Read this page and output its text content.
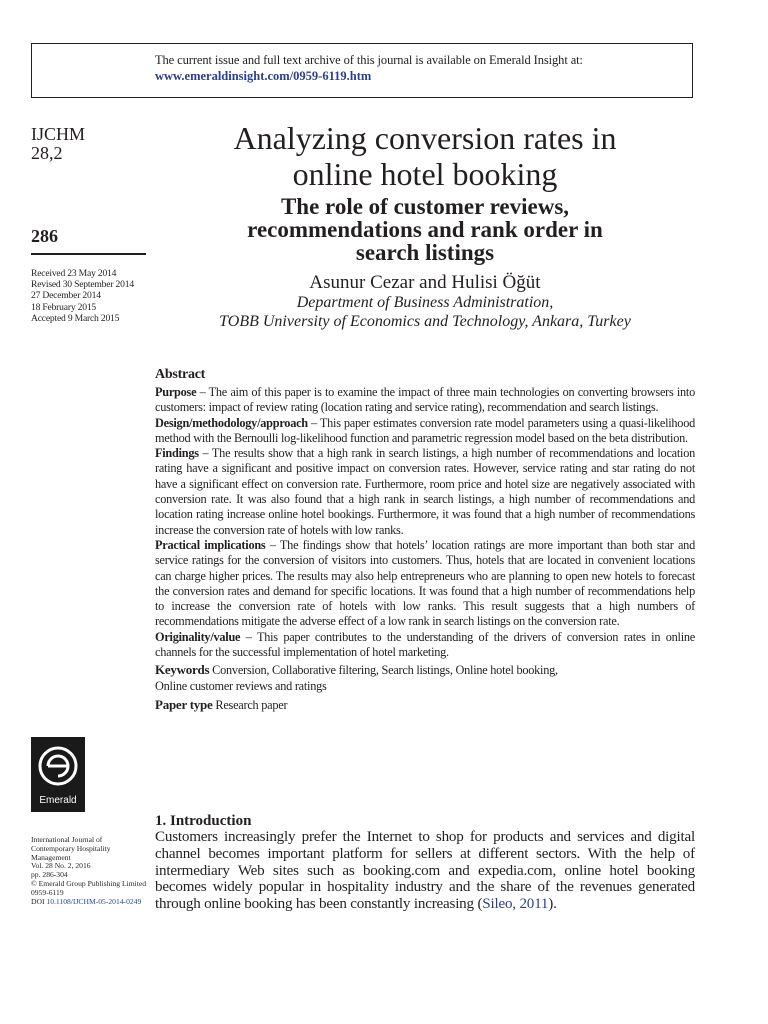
The current issue and full text archive of this journal is available on Emerald Insight at:
www.emeraldinsight.com/0959-6119.htm
IJCHM
28,2
286
Received 23 May 2014
Revised 30 September 2014
27 December 2014
18 February 2015
Accepted 9 March 2015
Analyzing conversion rates in
online hotel booking
The role of customer reviews,
recommendations and rank order in
search listings
Asunur Cezar and Hulisi Öğüt
Department of Business Administration,
TOBB University of Economics and Technology, Ankara, Turkey
Abstract

Purpose – The aim of this paper is to examine the impact of three main technologies on converting browsers into customers: impact of review rating (location rating and service rating), recommendation and search listings.

Design/methodology/approach – This paper estimates conversion rate model parameters using a quasi-likelihood method with the Bernoulli log-likelihood function and parametric regression model based on the beta distribution.

Findings – The results show that a high rank in search listings, a high number of recommendations and location rating have a significant and positive impact on conversion rates. However, service rating and star rating do not have a significant effect on conversion rate. Furthermore, room price and hotel size are negatively associated with conversion rate. It was also found that a high rank in search listings, a high number of recommendations and location rating increase online hotel bookings. Furthermore, it was found that a high number of recommendations increase the conversion rate of hotels with low ranks.

Practical implications – The findings show that hotels’ location ratings are more important than both star and service ratings for the conversion of visitors into customers. Thus, hotels that are located in convenient locations can charge higher prices. The results may also help entrepreneurs who are planning to open new hotels to forecast the conversion rates and demand for specific locations. It was found that a high number of recommendations help to increase the conversion rate of hotels with low ranks. This result suggests that a high numbers of recommendations mitigate the adverse effect of a low rank in search listings on the conversion rate.

Originality/value – This paper contributes to the understanding of the drivers of conversion rates in online channels for the successful implementation of hotel marketing.

Keywords Conversion, Collaborative filtering, Search listings, Online hotel booking,
Online customer reviews and ratings

Paper type Research paper

Emerald
International Journal of
Contemporary Hospitality
Management
Vol. 28 No. 2, 2016
pp. 286-304
© Emerald Group Publishing Limited
0959-6119
DOI 10.1108/IJCHM-05-2014-0249
1. Introduction
Customers increasingly prefer the Internet to shop for products and services and digital channel becomes important platform for sellers at different sectors. With the help of intermediary Web sites such as booking.com and expedia.com, online hotel booking becomes widely popular in hospitality industry and the share of the revenues generated through online booking has been constantly increasing (Sileo, 2011).
